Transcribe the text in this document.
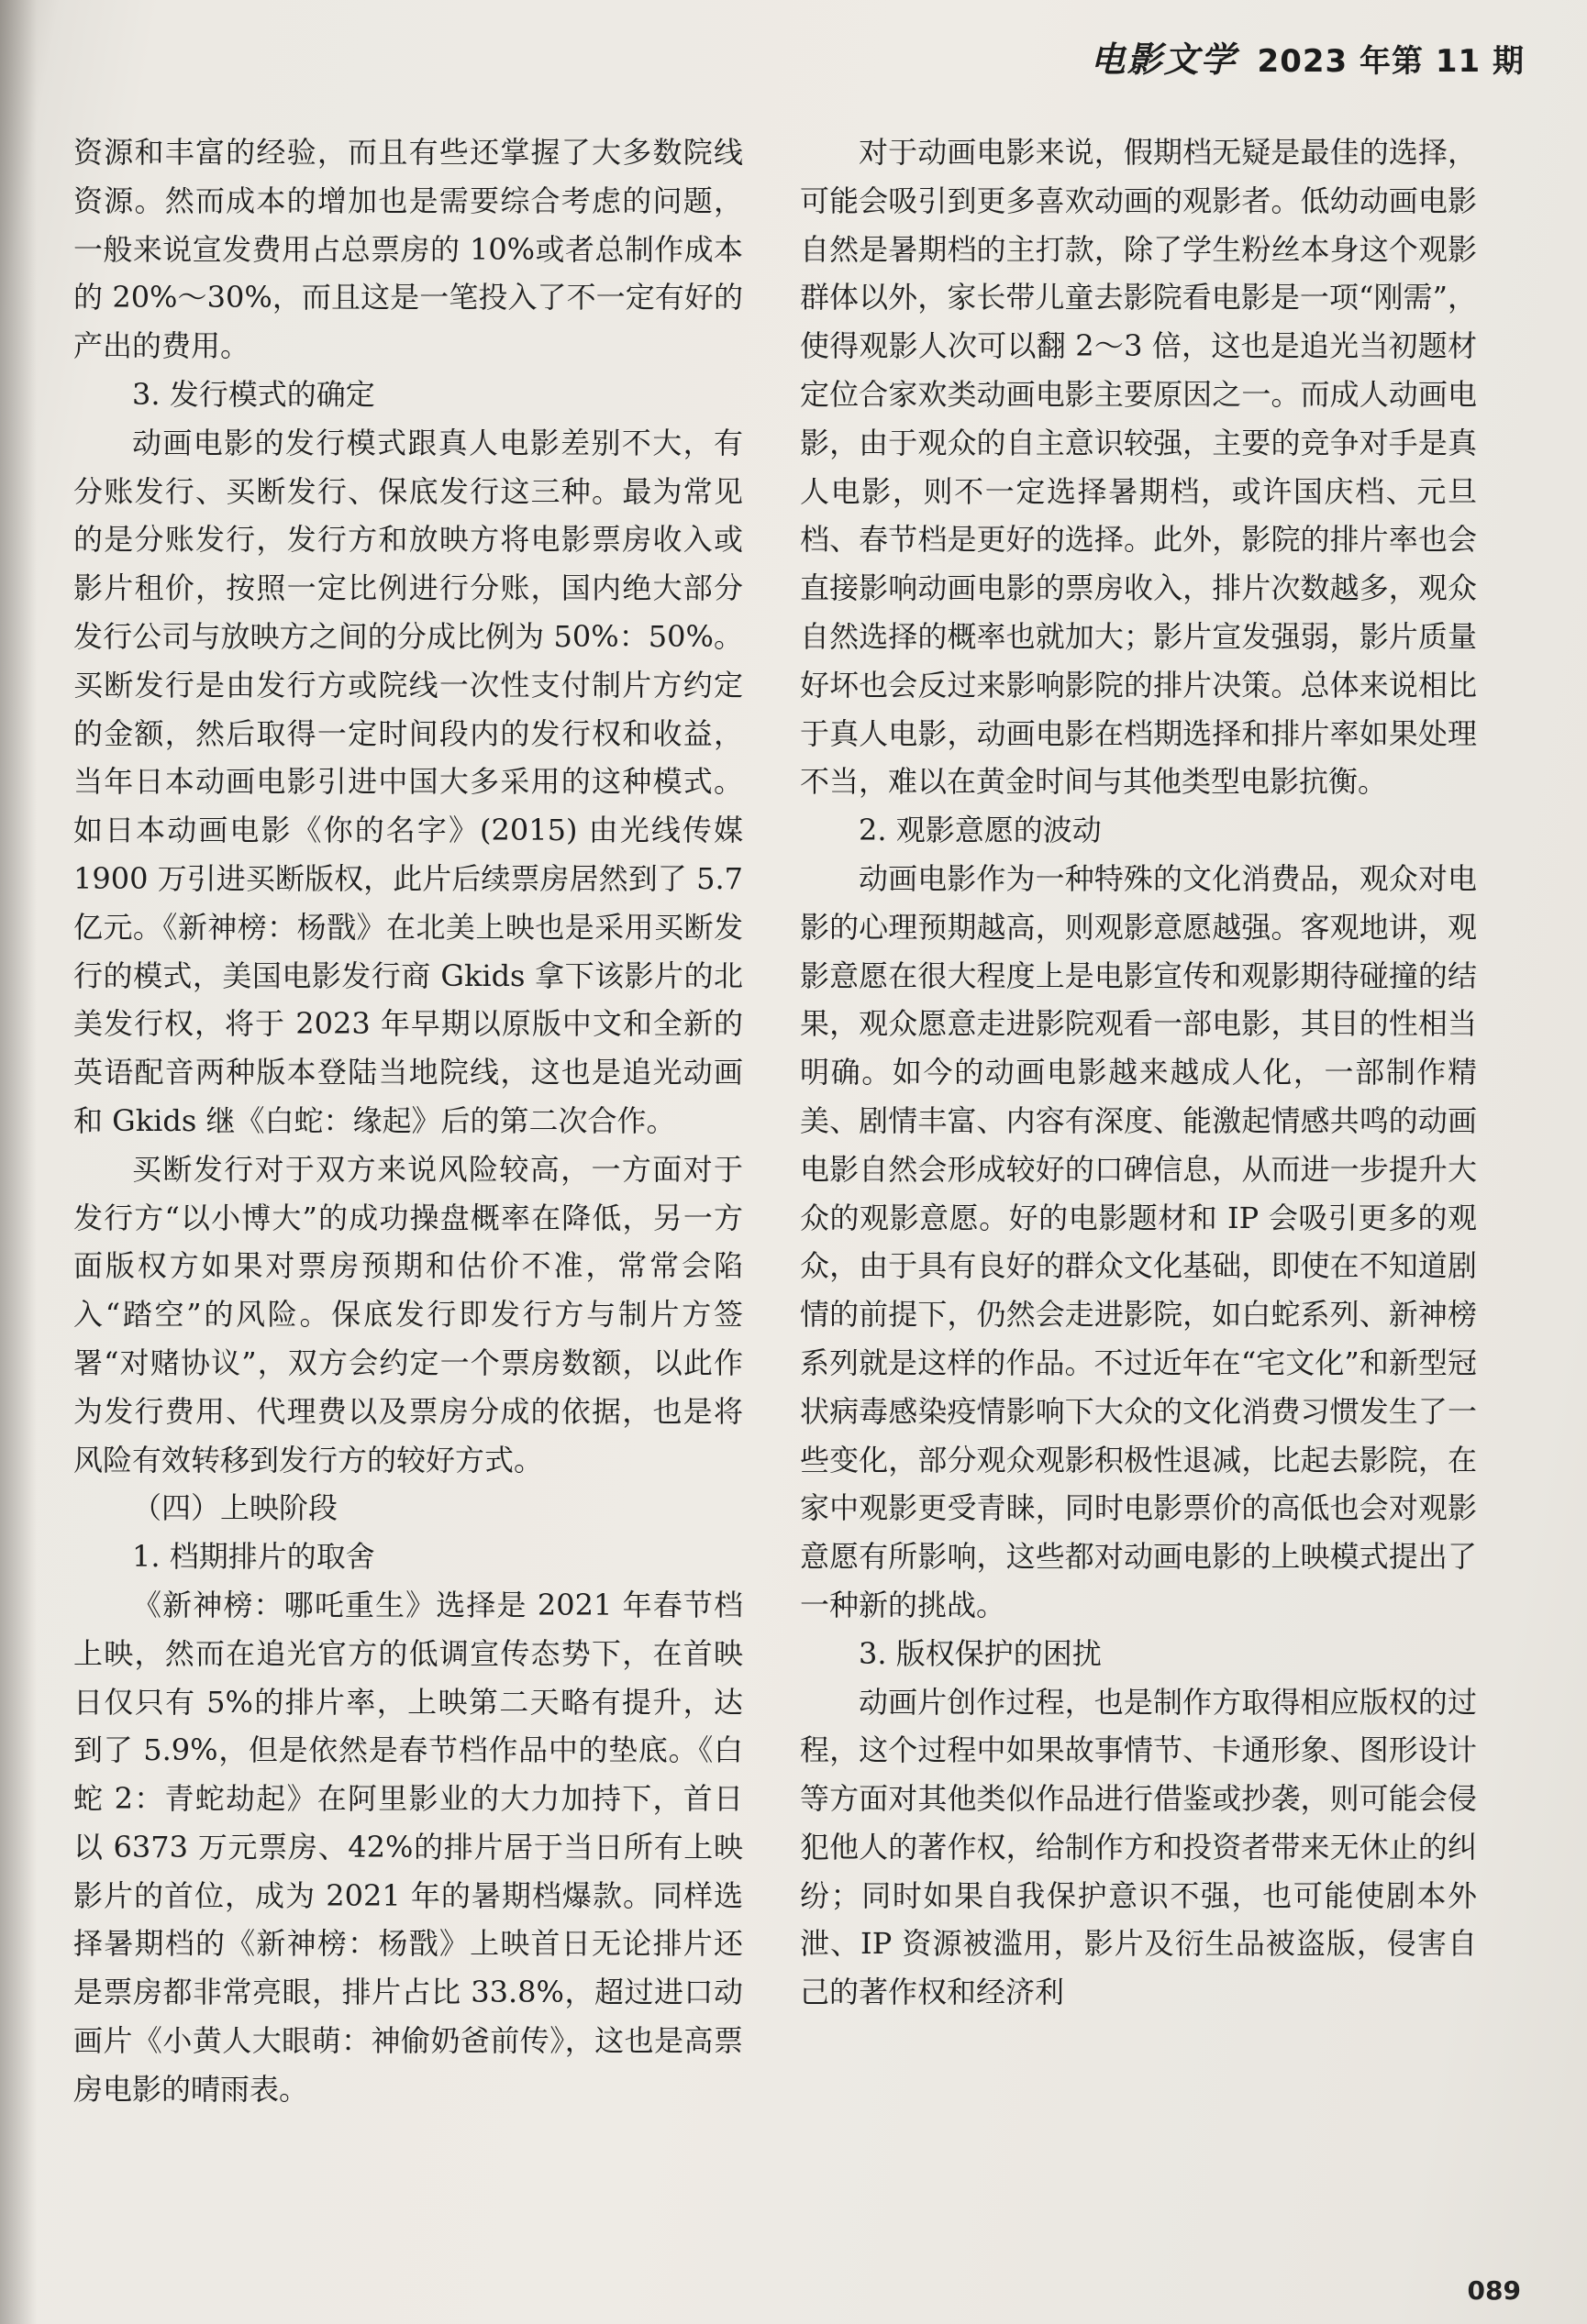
电影文学 2023 年第 11 期

资源和丰富的经验，而且有些还掌握了大多数院线资源。然而成本的增加也是需要综合考虑的问题，一般来说宣发费用占总票房的 10%或者总制作成本的 20%～30%，而且这是一笔投入了不一定有好的产出的费用。

3. 发行模式的确定

动画电影的发行模式跟真人电影差别不大，有分账发行、买断发行、保底发行这三种。最为常见的是分账发行，发行方和放映方将电影票房收入或影片租价，按照一定比例进行分账，国内绝大部分发行公司与放映方之间的分成比例为 50%：50%。买断发行是由发行方或院线一次性支付制片方约定的金额，然后取得一定时间段内的发行权和收益，当年日本动画电影引进中国大多采用的这种模式。如日本动画电影《你的名字》(2015) 由光线传媒 1900 万引进买断版权，此片后续票房居然到了 5.7 亿元。《新神榜：杨戬》在北美上映也是采用买断发行的模式，美国电影发行商 Gkids 拿下该影片的北美发行权，将于 2023 年早期以原版中文和全新的英语配音两种版本登陆当地院线，这也是追光动画和 Gkids 继《白蛇：缘起》后的第二次合作。

买断发行对于双方来说风险较高，一方面对于发行方“以小博大”的成功操盘概率在降低，另一方面版权方如果对票房预期和估价不准，常常会陷入“踏空”的风险。保底发行即发行方与制片方签署“对赌协议”，双方会约定一个票房数额，以此作为发行费用、代理费以及票房分成的依据，也是将风险有效转移到发行方的较好方式。

（四）上映阶段

1. 档期排片的取舍

《新神榜：哪吒重生》选择是 2021 年春节档上映，然而在追光官方的低调宣传态势下，在首映日仅只有 5%的排片率，上映第二天略有提升，达到了 5.9%，但是依然是春节档作品中的垫底。《白蛇 2：青蛇劫起》在阿里影业的大力加持下，首日以 6373 万元票房、42%的排片居于当日所有上映影片的首位，成为 2021 年的暑期档爆款。同样选择暑期档的《新神榜：杨戬》上映首日无论排片还是票房都非常亮眼，排片占比 33.8%，超过进口动画片《小黄人大眼萌：神偷奶爸前传》，这也是高票房电影的晴雨表。

对于动画电影来说，假期档无疑是最佳的选择，可能会吸引到更多喜欢动画的观影者。低幼动画电影自然是暑期档的主打款，除了学生粉丝本身这个观影群体以外，家长带儿童去影院看电影是一项“刚需”，使得观影人次可以翻 2～3 倍，这也是追光当初题材定位合家欢类动画电影主要原因之一。而成人动画电影，由于观众的自主意识较强，主要的竞争对手是真人电影，则不一定选择暑期档，或许国庆档、元旦档、春节档是更好的选择。此外，影院的排片率也会直接影响动画电影的票房收入，排片次数越多，观众自然选择的概率也就加大；影片宣发强弱，影片质量好坏也会反过来影响影院的排片决策。总体来说相比于真人电影，动画电影在档期选择和排片率如果处理不当，难以在黄金时间与其他类型电影抗衡。

2. 观影意愿的波动

动画电影作为一种特殊的文化消费品，观众对电影的心理预期越高，则观影意愿越强。客观地讲，观影意愿在很大程度上是电影宣传和观影期待碰撞的结果，观众愿意走进影院观看一部电影，其目的性相当明确。如今的动画电影越来越成人化，一部制作精美、剧情丰富、内容有深度、能激起情感共鸣的动画电影自然会形成较好的口碑信息，从而进一步提升大众的观影意愿。好的电影题材和 IP 会吸引更多的观众，由于具有良好的群众文化基础，即使在不知道剧情的前提下，仍然会走进影院，如白蛇系列、新神榜系列就是这样的作品。不过近年在“宅文化”和新型冠状病毒感染疫情影响下大众的文化消费习惯发生了一些变化，部分观众观影积极性退减，比起去影院，在家中观影更受青睐，同时电影票价的高低也会对观影意愿有所影响，这些都对动画电影的上映模式提出了一种新的挑战。

3. 版权保护的困扰

动画片创作过程，也是制作方取得相应版权的过程，这个过程中如果故事情节、卡通形象、图形设计等方面对其他类似作品进行借鉴或抄袭，则可能会侵犯他人的著作权，给制作方和投资者带来无休止的纠纷；同时如果自我保护意识不强，也可能使剧本外泄、IP 资源被滥用，影片及衍生品被盗版，侵害自己的著作权和经济利

089
